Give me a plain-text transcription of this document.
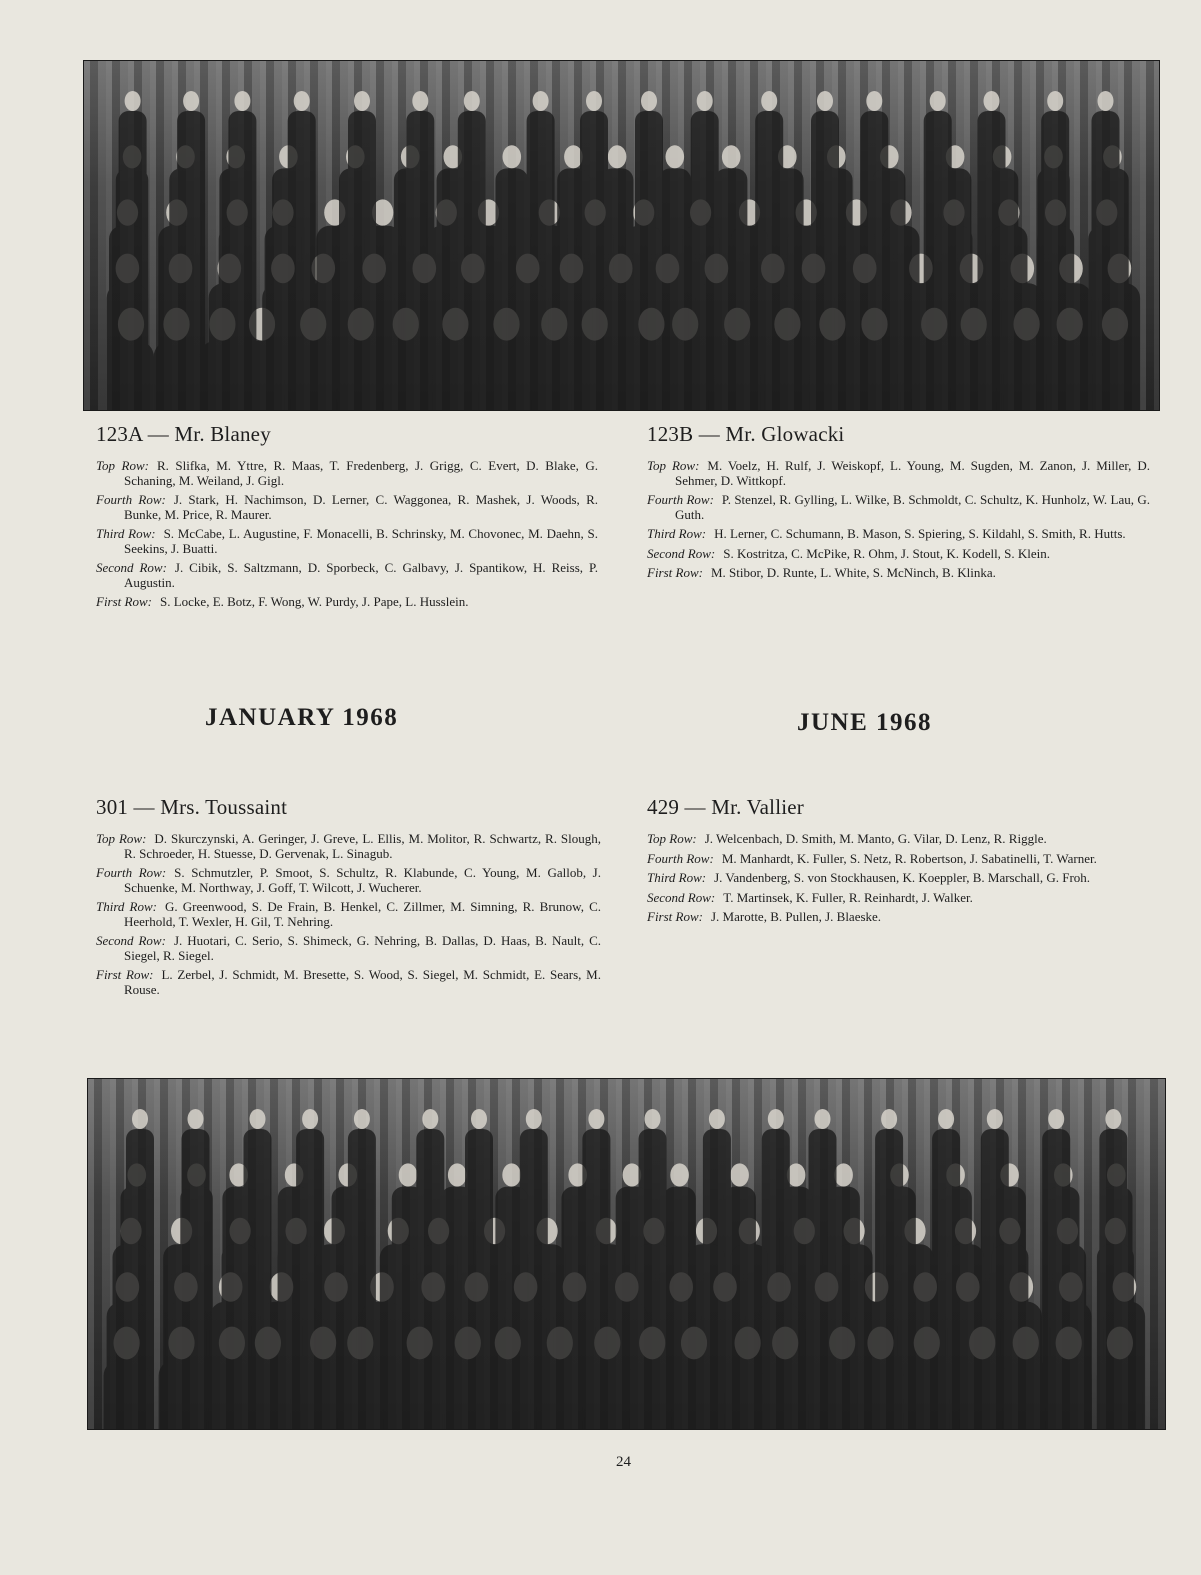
123A — Mr. Blaney
Top Row: R. Slifka, M. Yttre, R. Maas, T. Fredenberg, J. Grigg, C. Evert, D. Blake, G. Schaning, M. Weiland, J. Gigl.
Fourth Row: J. Stark, H. Nachimson, D. Lerner, C. Waggonea, R. Mashek, J. Woods, R. Bunke, M. Price, R. Maurer.
Third Row: S. McCabe, L. Augustine, F. Monacelli, B. Schrinsky, M. Chovonec, M. Daehn, S. Seekins, J. Buatti.
Second Row: J. Cibik, S. Saltzmann, D. Sporbeck, C. Galbavy, J. Spantikow, H. Reiss, P. Augustin.
First Row: S. Locke, E. Botz, F. Wong, W. Purdy, J. Pape, L. Husslein.
123B — Mr. Glowacki
Top Row: M. Voelz, H. Rulf, J. Weiskopf, L. Young, M. Sugden, M. Zanon, J. Miller, D. Sehmer, D. Wittkopf.
Fourth Row: P. Stenzel, R. Gylling, L. Wilke, B. Schmoldt, C. Schultz, K. Hunholz, W. Lau, G. Guth.
Third Row: H. Lerner, C. Schumann, B. Mason, S. Spiering, S. Kildahl, S. Smith, R. Hutts.
Second Row: S. Kostritza, C. McPike, R. Ohm, J. Stout, K. Kodell, S. Klein.
First Row: M. Stibor, D. Runte, L. White, S. McNinch, B. Klinka.
JANUARY 1968	JUNE 1968
301 — Mrs. Toussaint
Top Row: D. Skurczynski, A. Geringer, J. Greve, L. Ellis, M. Molitor, R. Schwartz, R. Slough, R. Schroeder, H. Stuesse, D. Gervenak, L. Sinagub.
Fourth Row: S. Schmutzler, P. Smoot, S. Schultz, R. Klabunde, C. Young, M. Gallob, J. Schuenke, M. Northway, J. Goff, T. Wilcott, J. Wucherer.
Third Row: G. Greenwood, S. De Frain, B. Henkel, C. Zillmer, M. Simning, R. Brunow, C. Heerhold, T. Wexler, H. Gil, T. Nehring.
Second Row: J. Huotari, C. Serio, S. Shimeck, G. Nehring, B. Dallas, D. Haas, B. Nault, C. Siegel, R. Siegel.
First Row: L. Zerbel, J. Schmidt, M. Bresette, S. Wood, S. Siegel, M. Schmidt, E. Sears, M. Rouse.
429 — Mr. Vallier
Top Row: J. Welcenbach, D. Smith, M. Manto, G. Vilar, D. Lenz, R. Riggle.
Fourth Row: M. Manhardt, K. Fuller, S. Netz, R. Robertson, J. Sabatinelli, T. Warner.
Third Row: J. Vandenberg, S. von Stockhausen, K. Koeppler, B. Marschall, G. Froh.
Second Row: T. Martinsek, K. Fuller, R. Reinhardt, J. Walker.
First Row: J. Marotte, B. Pullen, J. Blaeske.
24
